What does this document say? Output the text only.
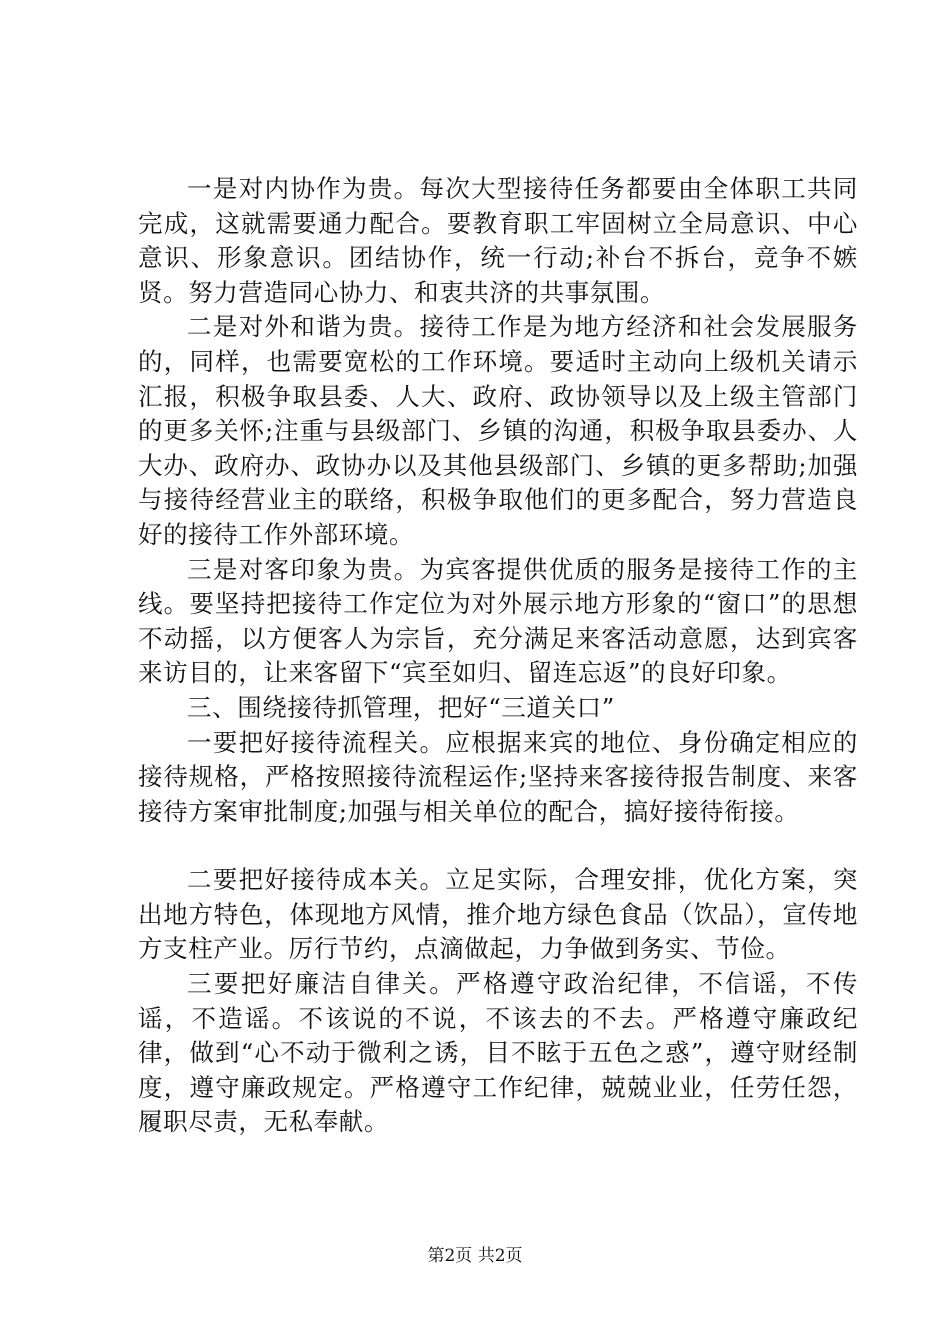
一是对内协作为贵。每次大型接待任务都要由全体职工共同完成，这就需要通力配合。要教育职工牢固树立全局意识、中心意识、形象意识。团结协作，统一行动;补台不拆台，竞争不嫉贤。努力营造同心协力、和衷共济的共事氛围。

二是对外和谐为贵。接待工作是为地方经济和社会发展服务的，同样，也需要宽松的工作环境。要适时主动向上级机关请示汇报，积极争取县委、人大、政府、政协领导以及上级主管部门的更多关怀;注重与县级部门、乡镇的沟通，积极争取县委办、人大办、政府办、政协办以及其他县级部门、乡镇的更多帮助;加强与接待经营业主的联络，积极争取他们的更多配合，努力营造良好的接待工作外部环境。

三是对客印象为贵。为宾客提供优质的服务是接待工作的主线。要坚持把接待工作定位为对外展示地方形象的“窗口”的思想不动摇，以方便客人为宗旨，充分满足来客活动意愿，达到宾客来访目的，让来客留下“宾至如归、留连忘返”的良好印象。

三、围绕接待抓管理，把好“三道关口”

一要把好接待流程关。应根据来宾的地位、身份确定相应的接待规格，严格按照接待流程运作;坚持来客接待报告制度、来客接待方案审批制度;加强与相关单位的配合，搞好接待衔接。

二要把好接待成本关。立足实际，合理安排，优化方案，突出地方特色，体现地方风情，推介地方绿色食品（饮品），宣传地方支柱产业。厉行节约，点滴做起，力争做到务实、节俭。

三要把好廉洁自律关。严格遵守政治纪律，不信谣，不传谣，不造谣。不该说的不说，不该去的不去。严格遵守廉政纪律，做到“心不动于微利之诱，目不眩于五色之惑”，遵守财经制度，遵守廉政规定。严格遵守工作纪律，兢兢业业，任劳任怨，履职尽责，无私奉献。

第2页 共2页
